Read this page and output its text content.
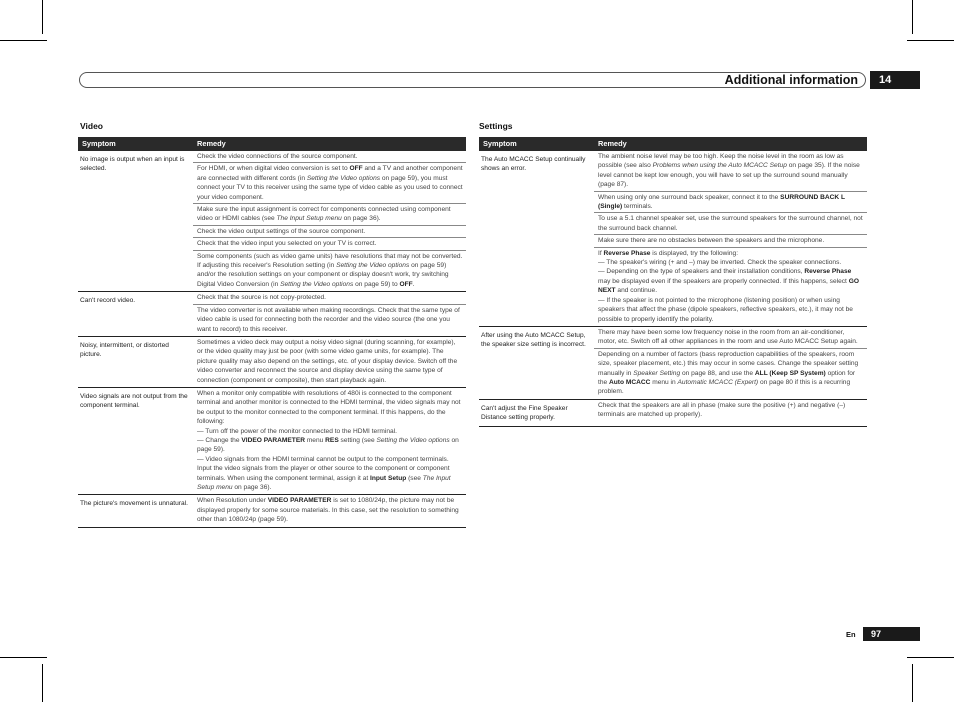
Additional information	14
Video
Symptom	Remedy
No image is output when an input is selected.	Check the video connections of the source component.
	For HDMI, or when digital video conversion is set to OFF and a TV and another component are connected with different cords (in Setting the Video options on page 59), you must connect your TV to this receiver using the same type of video cable as you used to connect your video component.
	Make sure the input assignment is correct for components connected using component video or HDMI cables (see The Input Setup menu on page 36).
	Check the video output settings of the source component.
	Check that the video input you selected on your TV is correct.
	Some components (such as video game units) have resolutions that may not be converted. If adjusting this receiver's Resolution setting (in Setting the Video options on page 59) and/or the resolution settings on your component or display doesn't work, try switching Digital Video Conversion (in Setting the Video options on page 59) to OFF.
Can't record video.	Check that the source is not copy-protected.
	The video converter is not available when making recordings. Check that the same type of video cable is used for connecting both the recorder and the video source (the one you want to record) to this receiver.
Noisy, intermittent, or distorted picture.	Sometimes a video deck may output a noisy video signal (during scanning, for example), or the video quality may just be poor (with some video game units, for example). The picture quality may also depend on the settings, etc. of your display device. Switch off the video converter and reconnect the source and display device using the same type of connection (component or composite), then start playback again.
Video signals are not output from the component terminal.	When a monitor only compatible with resolutions of 480i is connected to the component terminal and another monitor is connected to the HDMI terminal, the video signals may not be output to the monitor connected to the component terminal. If this happens, do the following:
— Turn off the power of the monitor connected to the HDMI terminal.
— Change the VIDEO PARAMETER menu RES setting (see Setting the Video options on page 59).
— Video signals from the HDMI terminal cannot be output to the component terminals. Input the video signals from the player or other source to the component or component terminals. When using the component terminal, assign it at Input Setup (see The Input Setup menu on page 36).
The picture's movement is unnatural.	When Resolution under VIDEO PARAMETER is set to 1080/24p, the picture may not be displayed properly for some source materials. In this case, set the resolution to something other than 1080/24p (page 59).
Settings
Symptom	Remedy
The Auto MCACC Setup continually shows an error.	The ambient noise level may be too high. Keep the noise level in the room as low as possible (see also Problems when using the Auto MCACC Setup on page 35). If the noise level cannot be kept low enough, you will have to set up the surround sound manually (page 87).
	When using only one surround back speaker, connect it to the SURROUND BACK L (Single) terminals.
	To use a 5.1 channel speaker set, use the surround speakers for the surround channel, not the surround back channel.
	Make sure there are no obstacles between the speakers and the microphone.
	If Reverse Phase is displayed, try the following:
— The speaker's wiring (+ and –) may be inverted. Check the speaker connections.
— Depending on the type of speakers and their installation conditions, Reverse Phase may be displayed even if the speakers are properly connected. If this happens, select GO NEXT and continue.
— If the speaker is not pointed to the microphone (listening position) or when using speakers that affect the phase (dipole speakers, reflective speakers, etc.), it may not be possible to properly identify the polarity.
After using the Auto MCACC Setup, the speaker size setting is incorrect.	There may have been some low frequency noise in the room from an air-conditioner, motor, etc. Switch off all other appliances in the room and use Auto MCACC Setup again.
	Depending on a number of factors (bass reproduction capabilities of the speakers, room size, speaker placement, etc.) this may occur in some cases. Change the speaker setting manually in Speaker Setting on page 88, and use the ALL (Keep SP System) option for the Auto MCACC menu in Automatic MCACC (Expert) on page 80 if this is a recurring problem.
Can't adjust the Fine Speaker Distance setting properly.	Check that the speakers are all in phase (make sure the positive (+) and negative (–) terminals are matched up properly).
En	97
